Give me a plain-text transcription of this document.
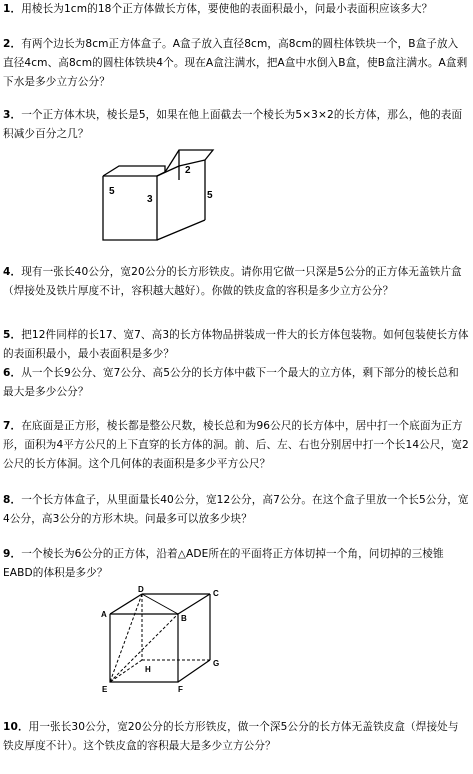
1．用棱长为1cm的18个正方体做长方体，要使他的表面积最小，问最小表面积应该多大？
2．有两个边长为8cm正方体盒子。A盒子放入直径8cm，高8cm的圆柱体铁块一个，B盒子放入直径4cm、高8cm的圆柱体铁块4个。现在A盒注满水，把A盒中水倒入B盒，使B盒注满水。A盒剩下水是多少立方公分？
3．一个正方体木块，棱长是5，如果在他上面截去一个棱长为5×3×2的长方体，那么，他的表面积减少百分之几？
5
3
2
5
4．现有一张长40公分，宽20公分的长方形铁皮。请你用它做一只深是5公分的正方体无盖铁片盒（焊接处及铁片厚度不计，容积越大越好）。你做的铁皮盒的容积是多少立方公分？
5．把12件同样的长17、宽7、高3的长方体物品拼装成一件大的长方体包装物。如何包装使长方体的表面积最小，最小表面积是多少？
6．从一个长9公分、宽7公分、高5公分的长方体中截下一个最大的立方体，剩下部分的棱长总和最大是多少公分？
7．在底面是正方形，棱长都是整公尺数，棱长总和为96公尺的长方体中，居中打一个底面为正方形，面积为4平方公尺的上下直穿的长方体的洞。前、后、左、右也分别居中打一个长14公尺，宽2公尺的长方体洞。这个几何体的表面积是多少平方公尺？
8．一个长方体盒子，从里面量长40公分，宽12公分，高7公分。在这个盒子里放一个长5公分，宽4公分，高3公分的方形木块。问最多可以放多少块？
9．一个棱长为6公分的正方体，沿着△ADE所在的平面将正方体切掉一个角，问切掉的三棱锥EABD的体积是多少？
D	C
A	B
H
G
E	F
10．用一张长30公分，宽20公分的长方形铁皮，做一个深5公分的长方体无盖铁皮盒（焊接处与铁皮厚度不计）。这个铁皮盒的容积最大是多少立方公分？
